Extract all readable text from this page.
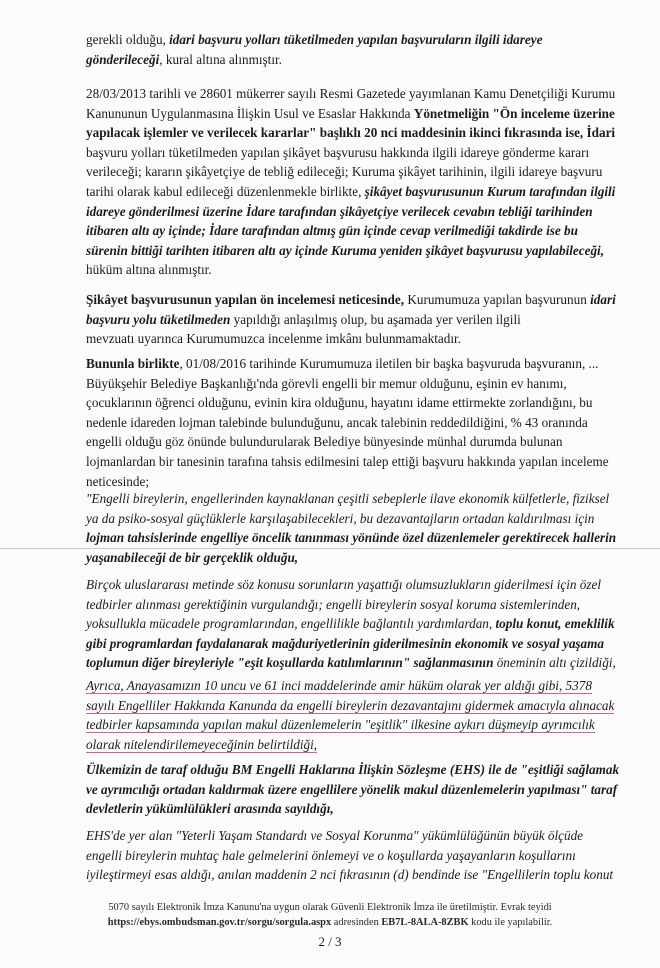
gerekli olduğu, idari başvuru yolları tüketilmeden yapılan başvuruların ilgili idareye
gönderileceği, kural altına alınmıştır.
28/03/2013 tarihli ve 28601 mükerrer sayılı Resmi Gazetede yayımlanan Kamu Denetçiliği Kurumu
Kanununun Uygulanmasına İlişkin Usul ve Esaslar Hakkında Yönetmeliğin "Ön inceleme üzerine
yapılacak işlemler ve verilecek kararlar" başlıklı 20 nci maddesinin ikinci fıkrasında ise, İdari
başvuru yolları tüketilmeden yapılan şikâyet başvurusu hakkında ilgili idareye gönderme kararı
verileceği; kararın şikâyetçiye de tebliğ edileceği; Kuruma şikâyet tarihinin, ilgili idareye başvuru
tarihi olarak kabul edileceği düzenlenmekle birlikte, şikâyet başvurusunun Kurum tarafından ilgili
idareye gönderilmesi üzerine İdare tarafından şikâyetçiye verilecek cevabın tebliği tarihinden
itibaren altı ay içinde; İdare tarafından altmış gün içinde cevap verilmediği takdirde ise bu
sürenin bittiği tarihten itibaren altı ay içinde Kuruma yeniden şikâyet başvurusu yapılabileceği,
hüküm altına alınmıştır.
Şikâyet başvurusunun yapılan ön incelemesi neticesinde, Kurumumuza yapılan başvurunun idari
başvuru yolu tüketilmeden yapıldığı anlaşılmış olup, bu aşamada yer verilen ilgili
mevzuatı uyarınca Kurumumuzca incelenme imkânı bulunmamaktadır.
Bununla birlikte, 01/08/2016 tarihinde Kurumumuza iletilen bir başka başvuruda başvuranın, ...
Büyükşehir Belediye Başkanlığı'nda görevli engelli bir memur olduğunu, eşinin ev hanımı,
çocuklarının öğrenci olduğunu, evinin kira olduğunu, hayatını idame ettirmekte zorlandığını, bu
nedenle idareden lojman talebinde bulunduğunu, ancak talebinin reddedildiğini, % 43 oranında
engelli olduğu göz önünde bulundurularak Belediye bünyesinde münhal durumda bulunan
lojmanlardan bir tanesinin tarafına tahsis edilmesini talep ettiği başvuru hakkında yapılan inceleme
neticesinde;
"Engelli bireylerin, engellerinden kaynaklanan çeşitli sebeplerle ilave ekonomik külfetlerle, fiziksel
ya da psiko-sosyal güçlüklerle karşılaşabilecekleri, bu dezavantajların ortadan kaldırılması için
lojman tahsislerinde engelliye öncelik tanınması yönünde özel düzenlemeler gerektirecek hallerin
yaşanabileceği de bir gerçeklik olduğu,
Birçok uluslararası metinde söz konusu sorunların yaşattığı olumsuzlukların giderilmesi için özel
tedbirler alınması gerektiğinin vurgulandığı; engelli bireylerin sosyal koruma sistemlerinden,
yoksullukla mücadele programlarından, engellilikle bağlantılı yardımlardan, toplu konut, emeklilik
gibi programlardan faydalanarak mağduriyetlerinin giderilmesinin ekonomik ve sosyal yaşama
toplumun diğer bireyleriyle "eşit koşullarda katılımlarının" sağlanmasının öneminin altı çizildiği,
Ayrıca, Anayasamızın 10 uncu ve 61 inci maddelerinde amir hüküm olarak yer aldığı gibi, 5378
sayılı Engelliler Hakkında Kanunda da engelli bireylerin dezavantajını gidermek amacıyla alınacak
tedbirler kapsamında yapılan makul düzenlemelerin "eşitlik" ilkesine aykırı düşmeyip ayrımcılık
olarak nitelendirilemeyeceğinin belirtildiği,
Ülkemizin de taraf olduğu BM Engelli Haklarına İlişkin Sözleşme (EHS) ile de "eşitliği sağlamak
ve ayrımcılığı ortadan kaldırmak üzere engellilere yönelik makul düzenlemelerin yapılması" taraf
devletlerin yükümlülükleri arasında sayıldığı,
EHS'de yer alan "Yeterli Yaşam Standardı ve Sosyal Korunma" yükümlülüğünün büyük ölçüde
engelli bireylerin muhtaç hale gelmelerini önlemeyi ve o koşullarda yaşayanların koşullarını
iyileştirmeyi esas aldığı, anılan maddenin 2 nci fıkrasının (d) bendinde ise "Engellilerin toplu konut
5070 sayılı Elektronik İmza Kanunu'na uygun olarak Güvenli Elektronik İmza ile üretilmiştir. Evrak teyidi
https://ebys.ombudsman.gov.tr/sorgu/sorgula.aspx adresinden EB7L-8ALA-8ZBK kodu ile yapılabilir.
2 / 3
